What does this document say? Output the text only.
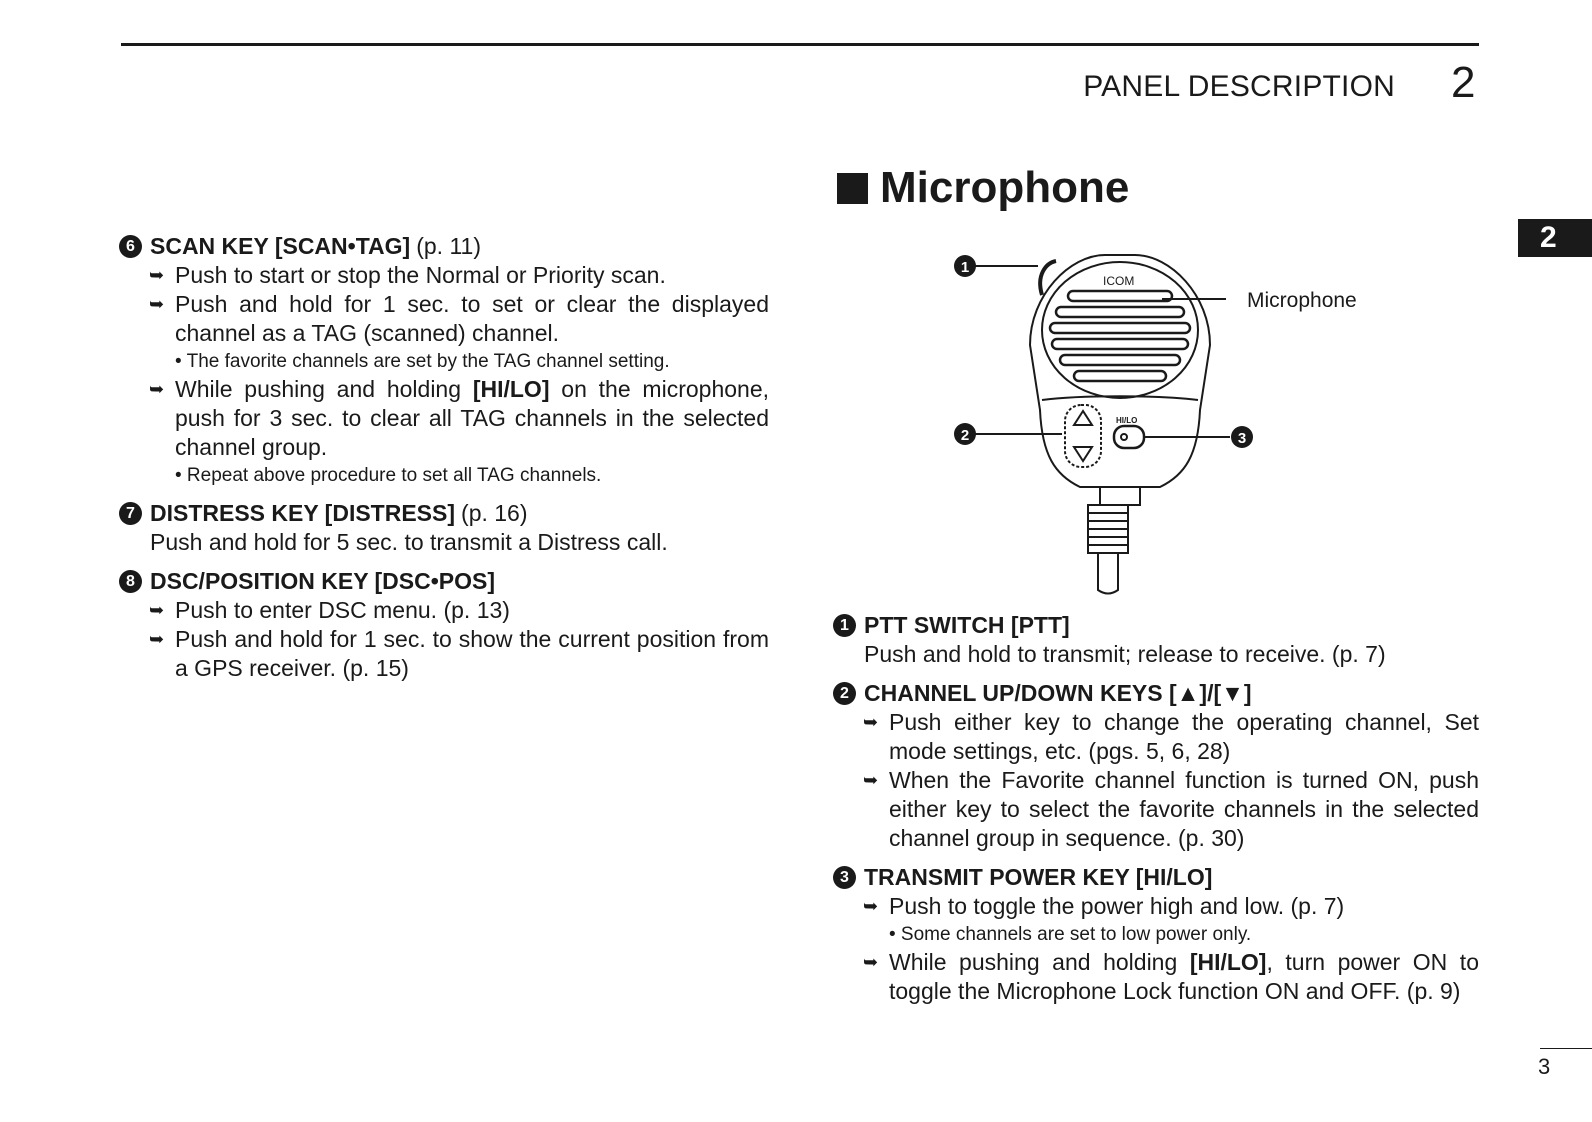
PANEL DESCRIPTION 2
2
6 SCAN KEY [SCAN•TAG] (p. 11)
➥ Push to start or stop the Normal or Priority scan.
➥ Push and hold for 1 sec. to set or clear the displayed channel as a TAG (scanned) channel.
• The favorite channels are set by the TAG channel setting.
➥ While pushing and holding [HI/LO] on the microphone, push for 3 sec. to clear all TAG channels in the selected channel group.
• Repeat above procedure to set all TAG channels.
7 DISTRESS KEY [DISTRESS] (p. 16)
Push and hold for 5 sec. to transmit a Distress call.
8 DSC/POSITION KEY [DSC•POS]
➥ Push to enter DSC menu. (p. 13)
➥ Push and hold for 1 sec. to show the current position from a GPS receiver. (p. 15)
Microphone
ICOM
HI/LO
1
2	3
Microphone
1 PTT SWITCH [PTT]
Push and hold to transmit; release to receive. (p. 7)
2 CHANNEL UP/DOWN KEYS [▲]/[▼]
➥ Push either key to change the operating channel, Set mode settings, etc. (pgs. 5, 6, 28)
➥ When the Favorite channel function is turned ON, push either key to select the favorite channels in the selected channel group in sequence. (p. 30)
3 TRANSMIT POWER KEY [HI/LO]
➥ Push to toggle the power high and low. (p. 7)
• Some channels are set to low power only.
➥ While pushing and holding [HI/LO], turn power ON to toggle the Microphone Lock function ON and OFF. (p. 9)
3
